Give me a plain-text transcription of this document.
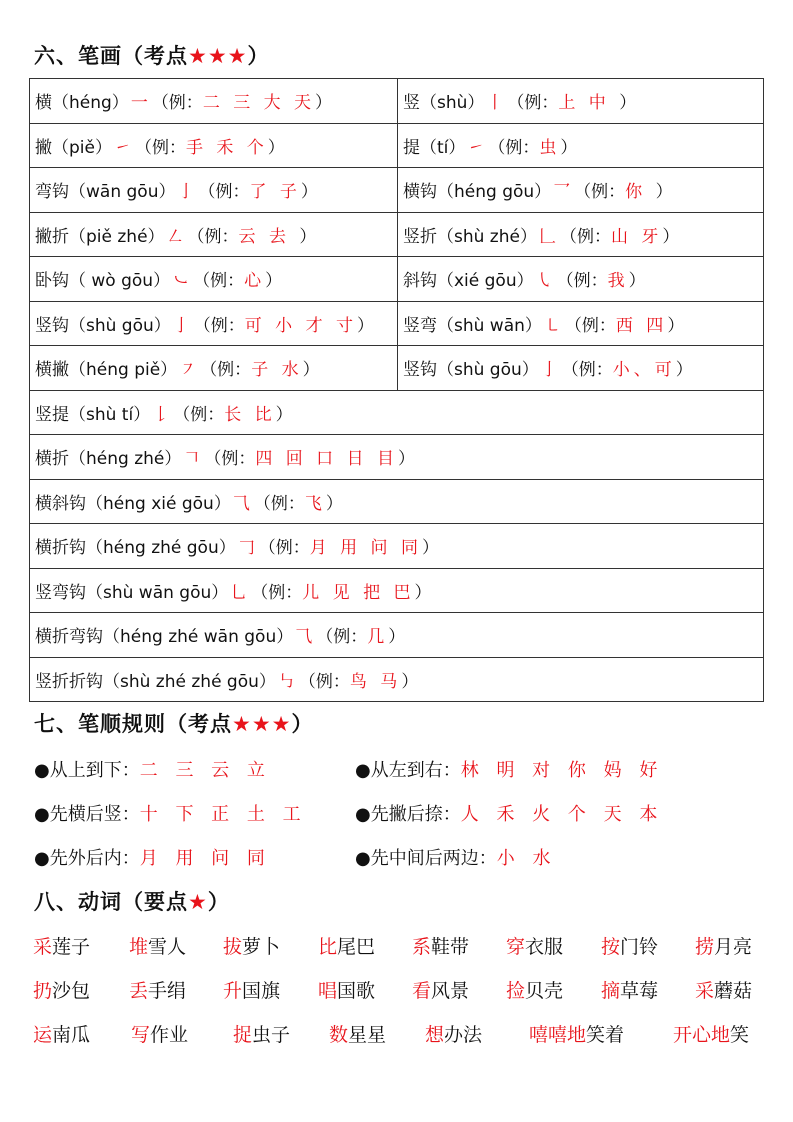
六、笔画（考点★★★）
横（héng） 一 （例：二 三 大 天）	竖（shù） 丨 （例：上 中 ）
撇（piě） ㇀ （例：手 禾 个）	提（tí） ㇀ （例：虫）
弯钩（wān gōu） 亅 （例：了 子）	横钩（héng gōu） 乛 （例：你 ）
撇折（piě zhé） ㇜ （例：云 去 ）	竖折（shù zhé） 𠃊 （例：山 牙）
卧钩（ wò gōu） ㇃ （例：心）	斜钩（xié gōu） ㇂ （例：我）
竖钩（shù gōu） 亅 （例：可 小 才 寸）	竖弯（shù wān） ㇄ （例：西 四）
横撇（héng piě） ㇇ （例：子 水）	竖钩（shù gōu） 亅 （例：小、可）
竖提（shù tí） 𠄌 （例：长 比）	
横折（héng zhé） 𠃍 （例：四 回 口 日 目）	
横斜钩（héng xié gōu） ⺄ （例：飞）	
横折钩（héng zhé gōu） 𠃌 （例：月 用 问 同）	
竖弯钩（shù wān gōu） 乚 （例：儿 见 把 巴）	
横折弯钩（héng zhé wān gōu） ⺄ （例：几）	
竖折折钩（shù zhé zhé gōu） ㇉ （例：鸟 马）	
七、笔顺规则（考点★★★）
●从上到下：二 三 云 立	●从左到右：林 明 对 你 妈 好
●先横后竖：十 下 正 土 工	●先撇后捺：人 禾 火 个 天 本
●先外后内：月 用 问 同	●先中间后两边：小 水
八、动词（要点★）
采莲子 堆雪人 拔萝卜 比尾巴 系鞋带 穿衣服 按门铃 捞月亮
扔沙包 丢手绢 升国旗 唱国歌 看风景 捡贝壳 摘草莓 采蘑菇
运南瓜 写作业 捉虫子 数星星 想办法 嘻嘻地笑着	开心地笑
